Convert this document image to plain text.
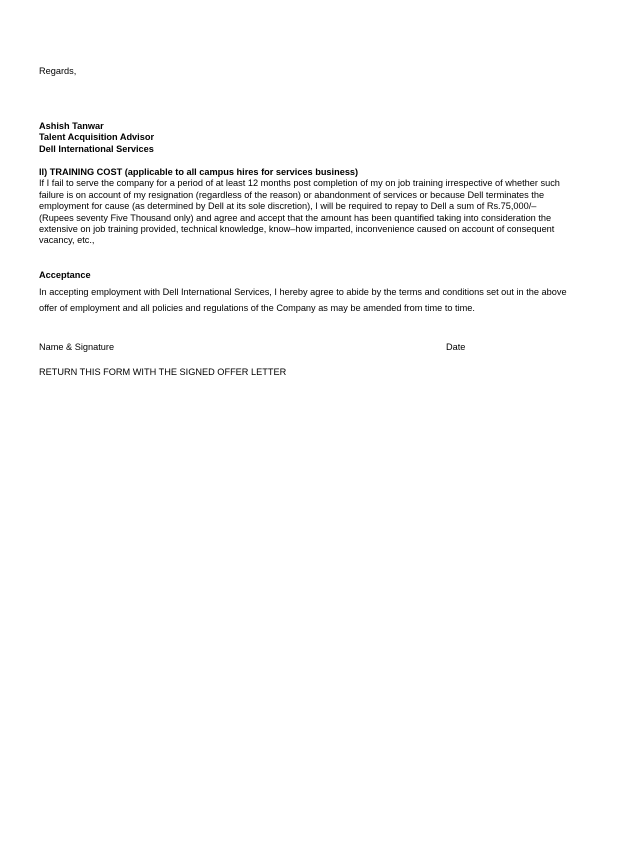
Regards,
Ashish Tanwar
Talent Acquisition Advisor
Dell International Services
II) TRAINING COST (applicable to all campus hires for services business)
If I fail to serve the company for a period of at least 12 months post completion of my on job training irrespective of whether such
failure is on account of my resignation (regardless of the reason) or abandonment of services or because Dell terminates the
employment for cause (as determined by Dell at its sole discretion), I will be required to repay to Dell a sum of Rs.75,000/–
(Rupees seventy Five Thousand only) and agree and accept that the amount has been quantified taking into consideration the
extensive on job training provided, technical knowledge, know–how imparted, inconvenience caused on account of consequent
vacancy, etc.,
Acceptance
In accepting employment with Dell International Services, I hereby agree to abide by the terms and conditions set out in the above
offer of employment and all policies and regulations of the Company as may be amended from time to time.
Name & Signature	Date
RETURN THIS FORM WITH THE SIGNED OFFER LETTER
